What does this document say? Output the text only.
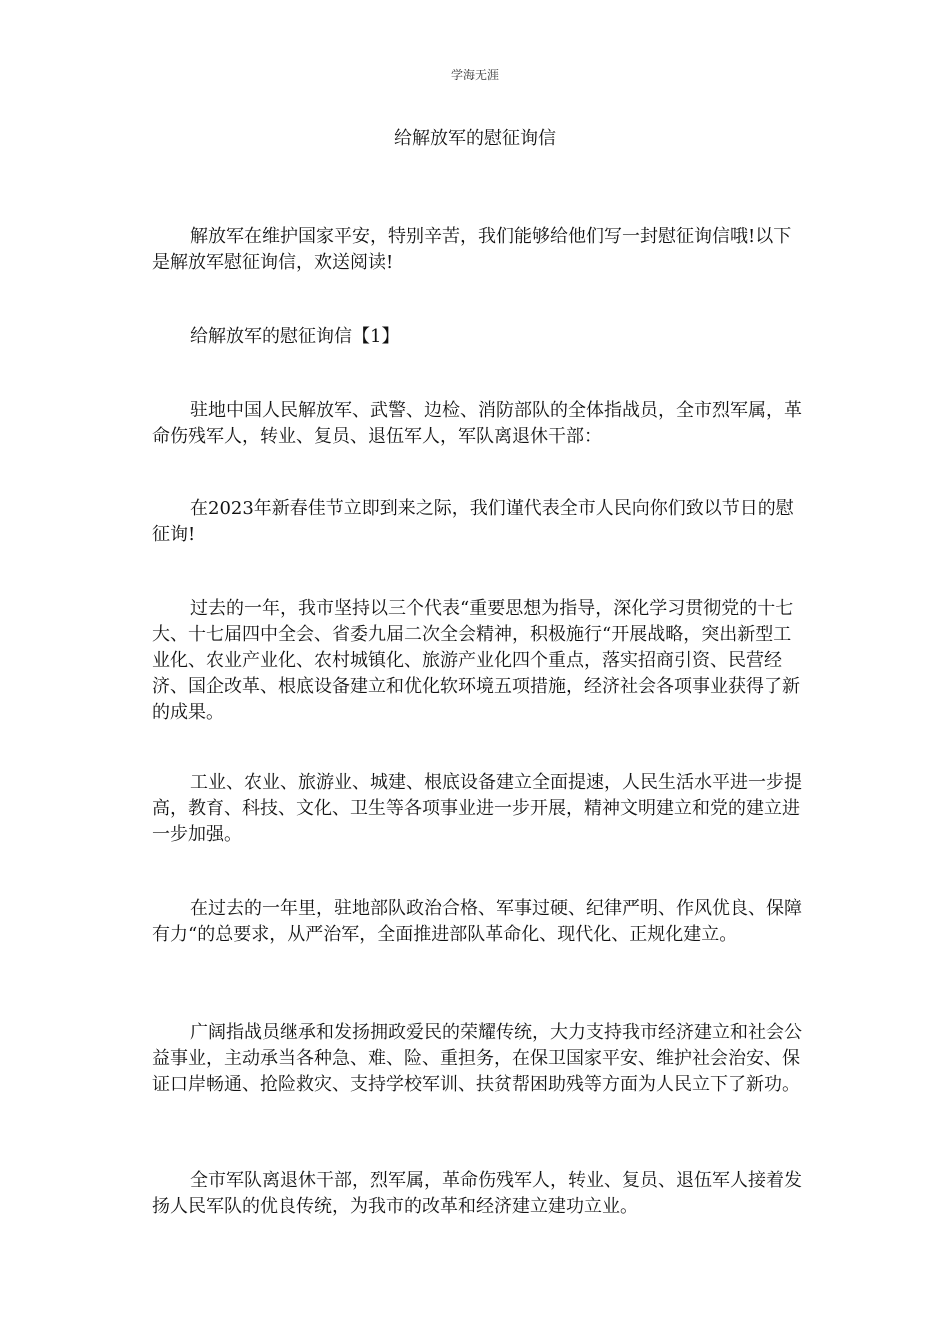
学海无涯
给解放军的慰征询信

解放军在维护国家平安，特别辛苦，我们能够给他们写一封慰征询信哦!以下是解放军慰征询信，欢送阅读!

给解放军的慰征询信【1】

驻地中国人民解放军、武警、边检、消防部队的全体指战员，全市烈军属，革命伤残军人，转业、复员、退伍军人，军队离退休干部：

在2023年新春佳节立即到来之际，我们谨代表全市人民向你们致以节日的慰征询!

过去的一年，我市坚持以三个代表“重要思想为指导，深化学习贯彻党的十七大、十七届四中全会、省委九届二次全会精神，积极施行“开展战略，突出新型工业化、农业产业化、农村城镇化、旅游产业化四个重点，落实招商引资、民营经济、国企改革、根底设备建立和优化软环境五项措施，经济社会各项事业获得了新的成果。

工业、农业、旅游业、城建、根底设备建立全面提速，人民生活水平进一步提高，教育、科技、文化、卫生等各项事业进一步开展，精神文明建立和党的建立进一步加强。

在过去的一年里，驻地部队政治合格、军事过硬、纪律严明、作风优良、保障有力“的总要求，从严治军，全面推进部队革命化、现代化、正规化建立。

广阔指战员继承和发扬拥政爱民的荣耀传统，大力支持我市经济建立和社会公益事业，主动承当各种急、难、险、重担务，在保卫国家平安、维护社会治安、保证口岸畅通、抢险救灾、支持学校军训、扶贫帮困助残等方面为人民立下了新功。

全市军队离退休干部，烈军属，革命伤残军人，转业、复员、退伍军人接着发扬人民军队的优良传统，为我市的改革和经济建立建功立业。
